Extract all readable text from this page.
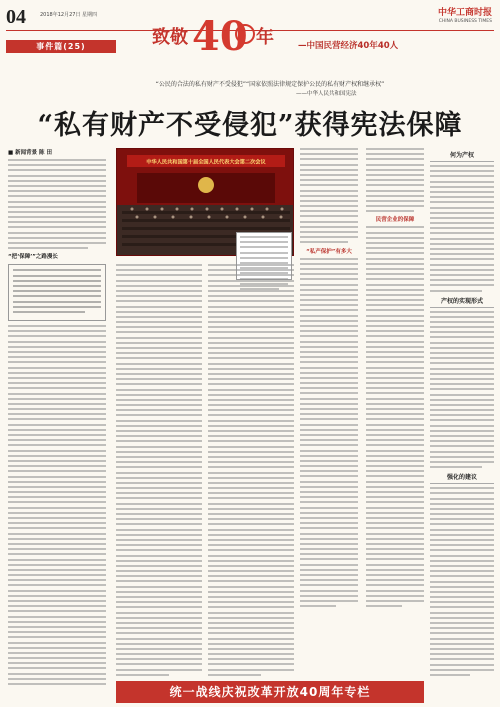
04	2018年12月27日 星期四
事件篇(25)	致敬 40 年	—中国民营经济40年40人
中华工商时报
CHINA BUSINESS TIMES
“公民的合法的私有财产不受侵犯”“国家依照法律规定保护公民的私有财产权和继承权”
——中华人民共和国宪法
“私有财产不受侵犯”获得宪法保障
■ 新闻背景 陈 田
“把‘保障’”之路漫长
中华人民共和国第十届全国人民代表大会第二次会议
“私产保护”有多大
民营企业的保障
何为产权
产权的实现形式
强化的建议
统一战线庆祝改革开放40周年专栏
